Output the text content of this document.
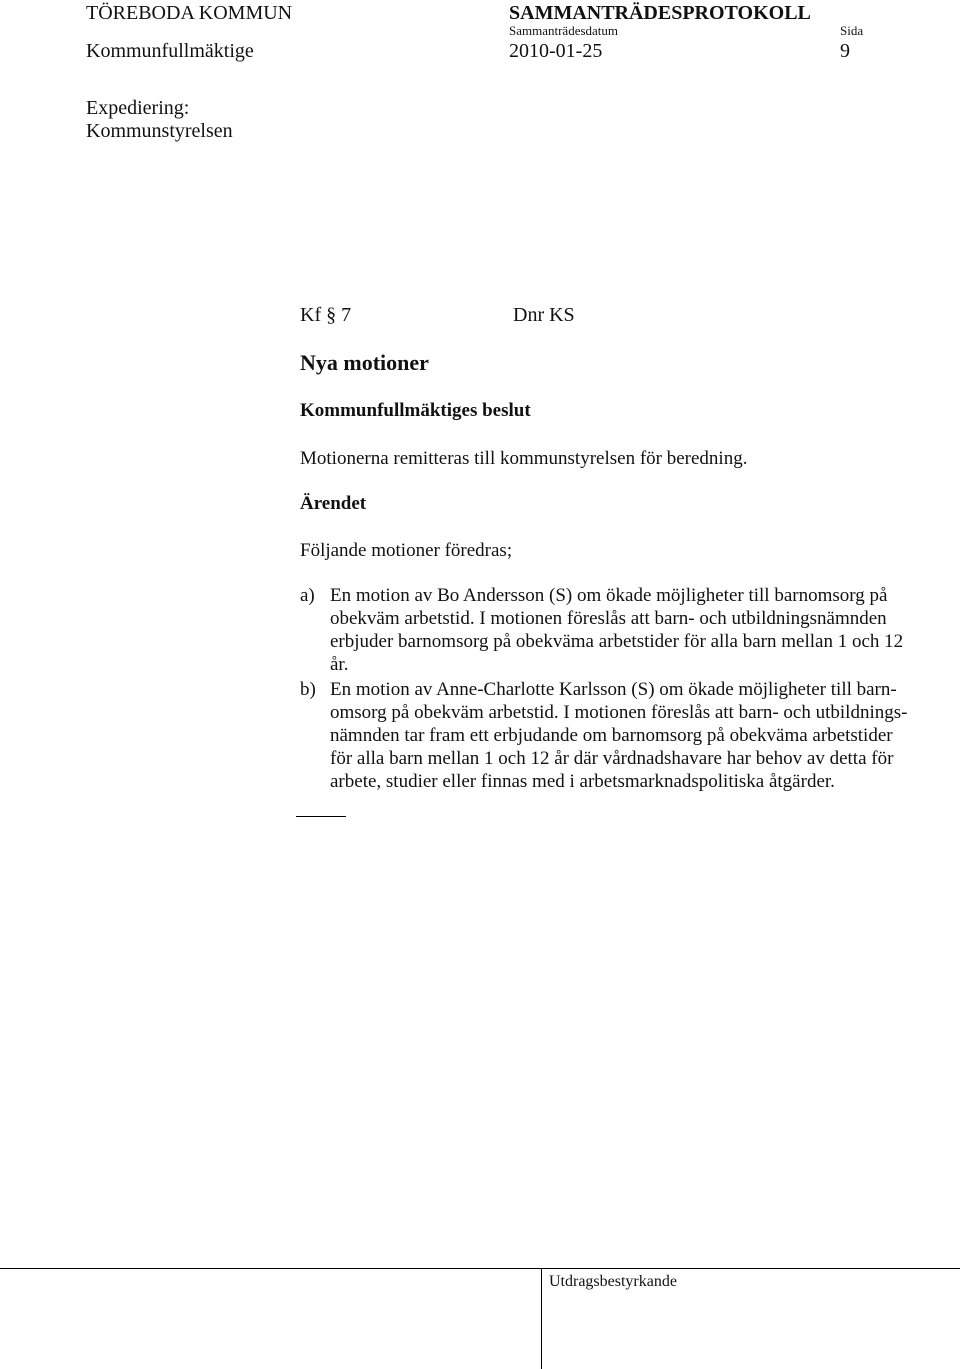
TÖREBODA KOMMUN	SAMMANTRÄDESPROTOKOLL
Sammanträdesdatum	Sida
Kommunfullmäktige	2010-01-25	9
Expediering:
Kommunstyrelsen
Kf § 7	Dnr KS
Nya motioner
Kommunfullmäktiges beslut
Motionerna remitteras till kommunstyrelsen för beredning.
Ärendet
Följande motioner föredras;
a) En motion av Bo Andersson (S) om ökade möjligheter till barnomsorg på
obekväm arbetstid. I motionen föreslås att barn- och utbildningsnämnden
erbjuder barnomsorg på obekväma arbetstider för alla barn mellan 1 och 12
år.
b) En motion av Anne-Charlotte Karlsson (S) om ökade möjligheter till barn-
omsorg på obekväm arbetstid. I motionen föreslås att barn- och utbildnings-
nämnden tar fram ett erbjudande om barnomsorg på obekväma arbetstider
för alla barn mellan 1 och 12 år där vårdnadshavare har behov av detta för
arbete, studier eller finnas med i arbetsmarknadspolitiska åtgärder.
Utdragsbestyrkande
